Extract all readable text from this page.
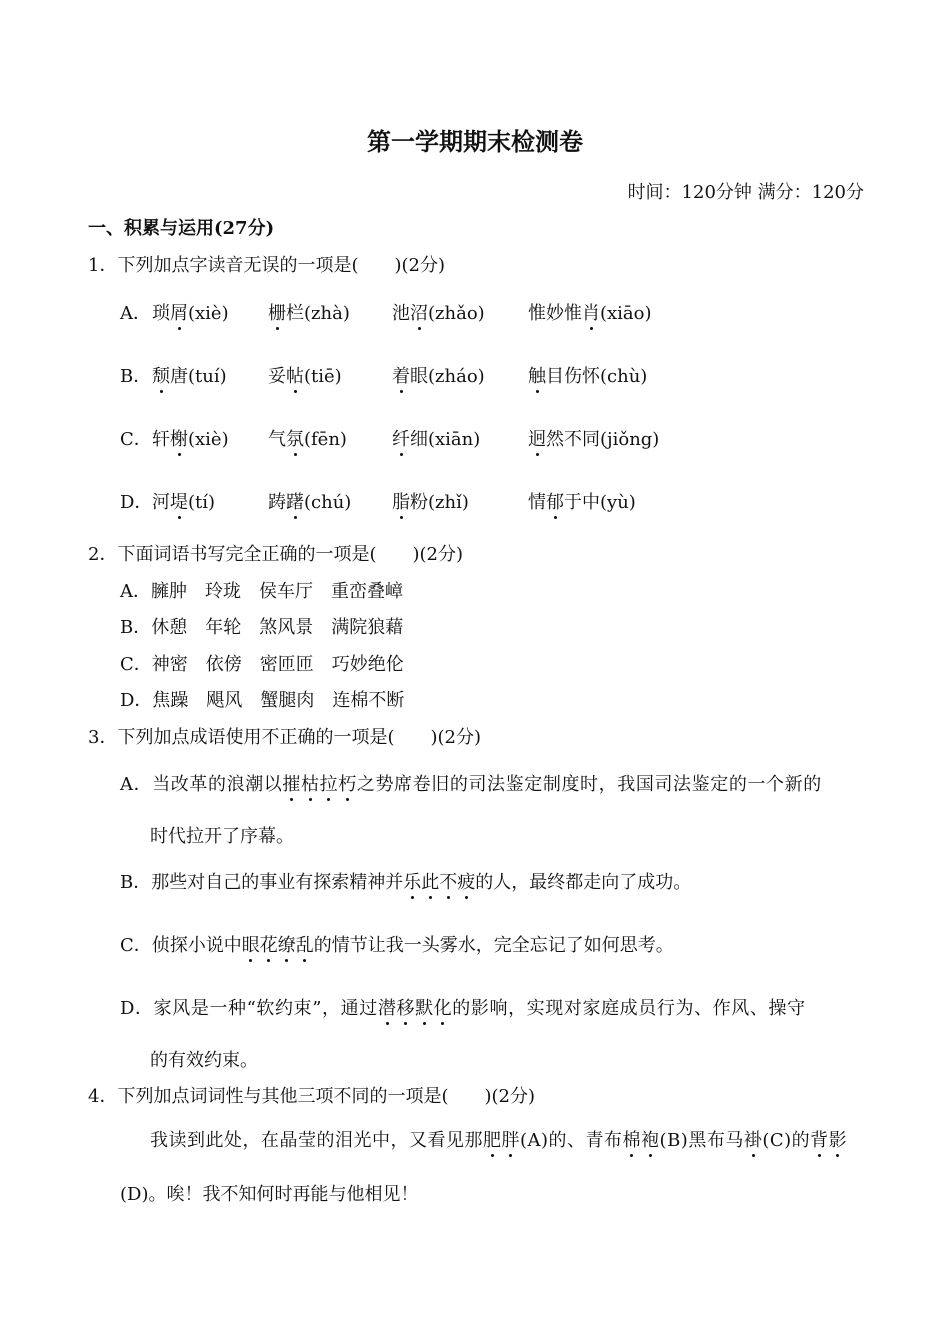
第一学期期末检测卷
时间：120分钟 满分：120分
一、积累与运用(27分)
1．下列加点字读音无误的一项是(　　)(2分)
A． 琐屑(xiè) 栅栏(zhà) 池沼(zhǎo) 惟妙惟肖(xiāo)
B． 颓唐(tuí) 妥帖(tiē)	着眼(zháo) 触目伤怀(chù)
C． 轩榭(xiè) 气氛(fēn)	纤细(xiān)	迥然不同(jiǒng)
D． 河堤(tí)	踌躇(chú) 脂粉(zhǐ)	情郁于中(yù)
2．下面词语书写完全正确的一项是(　　)(2分)
A．臃肿　玲珑　侯车厅　重峦叠嶂
B．休憩　年轮　煞风景　满院狼藉
C．神密　依傍　密匝匝　巧妙绝伦
D．焦躁　飓风　蟹腿肉　连棉不断
3．下列加点成语使用不正确的一项是(　　)(2分)
A．当改革的浪潮以摧枯拉朽之势席卷旧的司法鉴定制度时，我国司法鉴定的一个新的
时代拉开了序幕。
B．那些对自己的事业有探索精神并乐此不疲的人，最终都走向了成功。
C．侦探小说中眼花缭乱的情节让我一头雾水，完全忘记了如何思考。
D．家风是一种“软约束”，通过潜移默化的影响，实现对家庭成员行为、作风、操守
的有效约束。
4．下列加点词词性与其他三项不同的一项是(　　)(2分)
我读到此处，在晶莹的泪光中，又看见那肥胖(A)的、青布棉袍(B)黑布马褂(C)的背影
(D)。唉！我不知何时再能与他相见！
